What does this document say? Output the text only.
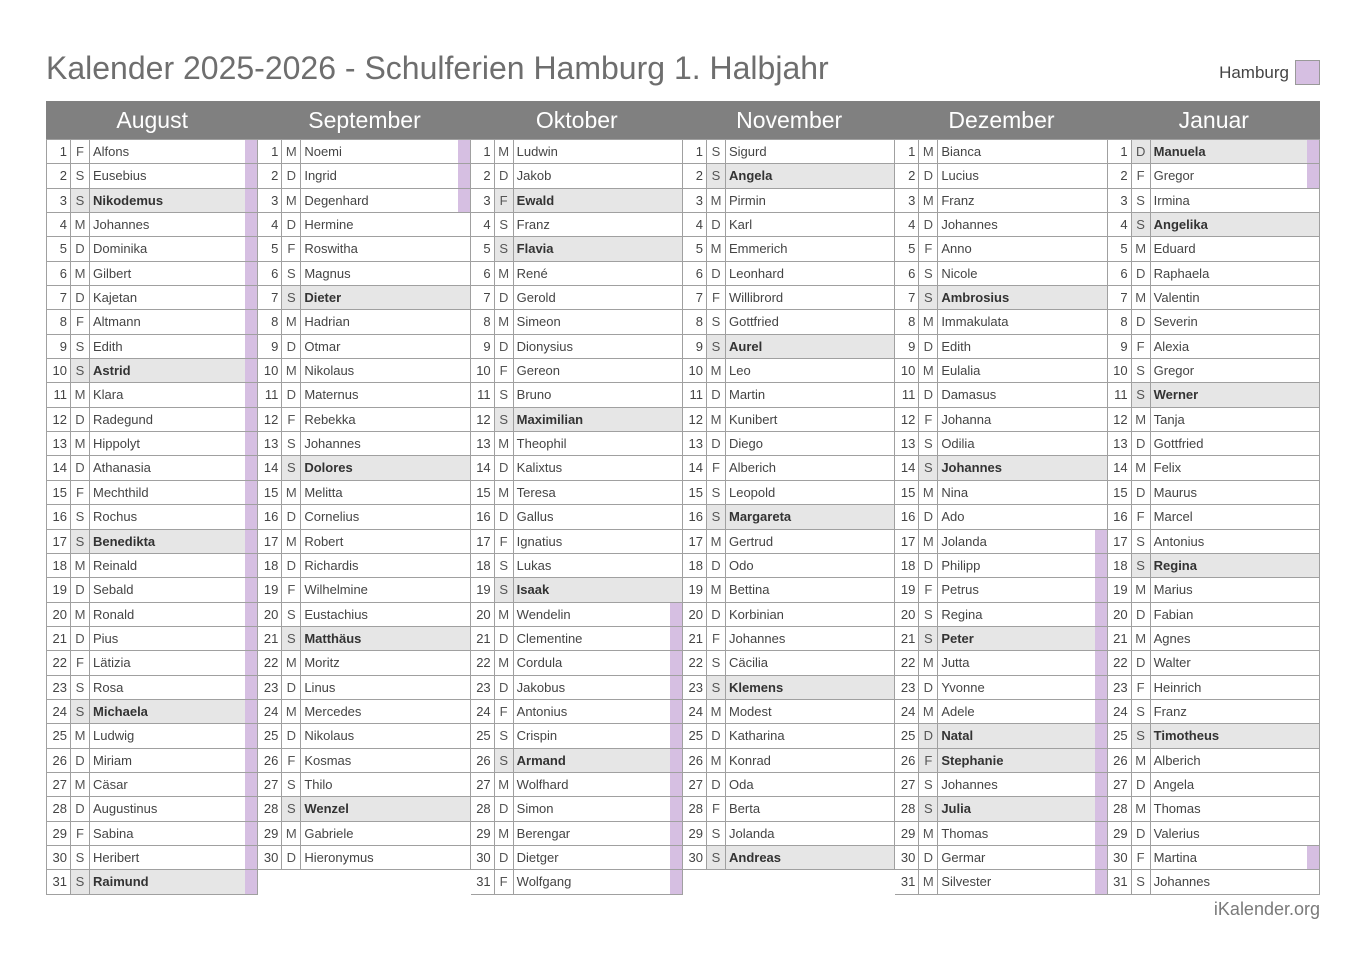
Kalender 2025-2026 - Schulferien Hamburg 1. Halbjahr	Hamburg
August
1 F Alfons
2 S Eusebius
3 S Nikodemus
4 M Johannes
5 D Dominika
6 M Gilbert
7 D Kajetan
8 F Altmann
9 S Edith
10 S Astrid
11 M Klara
12 D Radegund
13 M Hippolyt
14 D Athanasia
15 F Mechthild
16 S Rochus
17 S Benedikta
18 M Reinald
19 D Sebald
20 M Ronald
21 D Pius
22 F Lätizia
23 S Rosa
24 S Michaela
25 M Ludwig
26 D Miriam
27 M Cäsar
28 D Augustinus
29 F Sabina
30 S Heribert
31 S Raimund
September
1 M Noemi
2 D Ingrid
3 M Degenhard
4 D Hermine
5 F Roswitha
6 S Magnus
7 S Dieter
8 M Hadrian
9 D Otmar
10 M Nikolaus
11 D Maternus
12 F Rebekka
13 S Johannes
14 S Dolores
15 M Melitta
16 D Cornelius
17 M Robert
18 D Richardis
19 F Wilhelmine
20 S Eustachius
21 S Matthäus
22 M Moritz
23 D Linus
24 M Mercedes
25 D Nikolaus
26 F Kosmas
27 S Thilo
28 S Wenzel
29 M Gabriele
30 D Hieronymus
Oktober
1 M Ludwin
2 D Jakob
3 F Ewald
4 S Franz
5 S Flavia
6 M René
7 D Gerold
8 M Simeon
9 D Dionysius
10 F Gereon
11 S Bruno
12 S Maximilian
13 M Theophil
14 D Kalixtus
15 M Teresa
16 D Gallus
17 F Ignatius
18 S Lukas
19 S Isaak
20 M Wendelin
21 D Clementine
22 M Cordula
23 D Jakobus
24 F Antonius
25 S Crispin
26 S Armand
27 M Wolfhard
28 D Simon
29 M Berengar
30 D Dietger
31 F Wolfgang
November
1 S Sigurd
2 S Angela
3 M Pirmin
4 D Karl
5 M Emmerich
6 D Leonhard
7 F Willibrord
8 S Gottfried
9 S Aurel
10 M Leo
11 D Martin
12 M Kunibert
13 D Diego
14 F Alberich
15 S Leopold
16 S Margareta
17 M Gertrud
18 D Odo
19 M Bettina
20 D Korbinian
21 F Johannes
22 S Cäcilia
23 S Klemens
24 M Modest
25 D Katharina
26 M Konrad
27 D Oda
28 F Berta
29 S Jolanda
30 S Andreas
Dezember
1 M Bianca
2 D Lucius
3 M Franz
4 D Johannes
5 F Anno
6 S Nicole
7 S Ambrosius
8 M Immakulata
9 D Edith
10 M Eulalia
11 D Damasus
12 F Johanna
13 S Odilia
14 S Johannes
15 M Nina
16 D Ado
17 M Jolanda
18 D Philipp
19 F Petrus
20 S Regina
21 S Peter
22 M Jutta
23 D Yvonne
24 M Adele
25 D Natal
26 F Stephanie
27 S Johannes
28 S Julia
29 M Thomas
30 D Germar
31 M Silvester
Januar
1 D Manuela
2 F Gregor
3 S Irmina
4 S Angelika
5 M Eduard
6 D Raphaela
7 M Valentin
8 D Severin
9 F Alexia
10 S Gregor
11 S Werner
12 M Tanja
13 D Gottfried
14 M Felix
15 D Maurus
16 F Marcel
17 S Antonius
18 S Regina
19 M Marius
20 D Fabian
21 M Agnes
22 D Walter
23 F Heinrich
24 S Franz
25 S Timotheus
26 M Alberich
27 D Angela
28 M Thomas
29 D Valerius
30 F Martina
31 S Johannes
iKalender.org
